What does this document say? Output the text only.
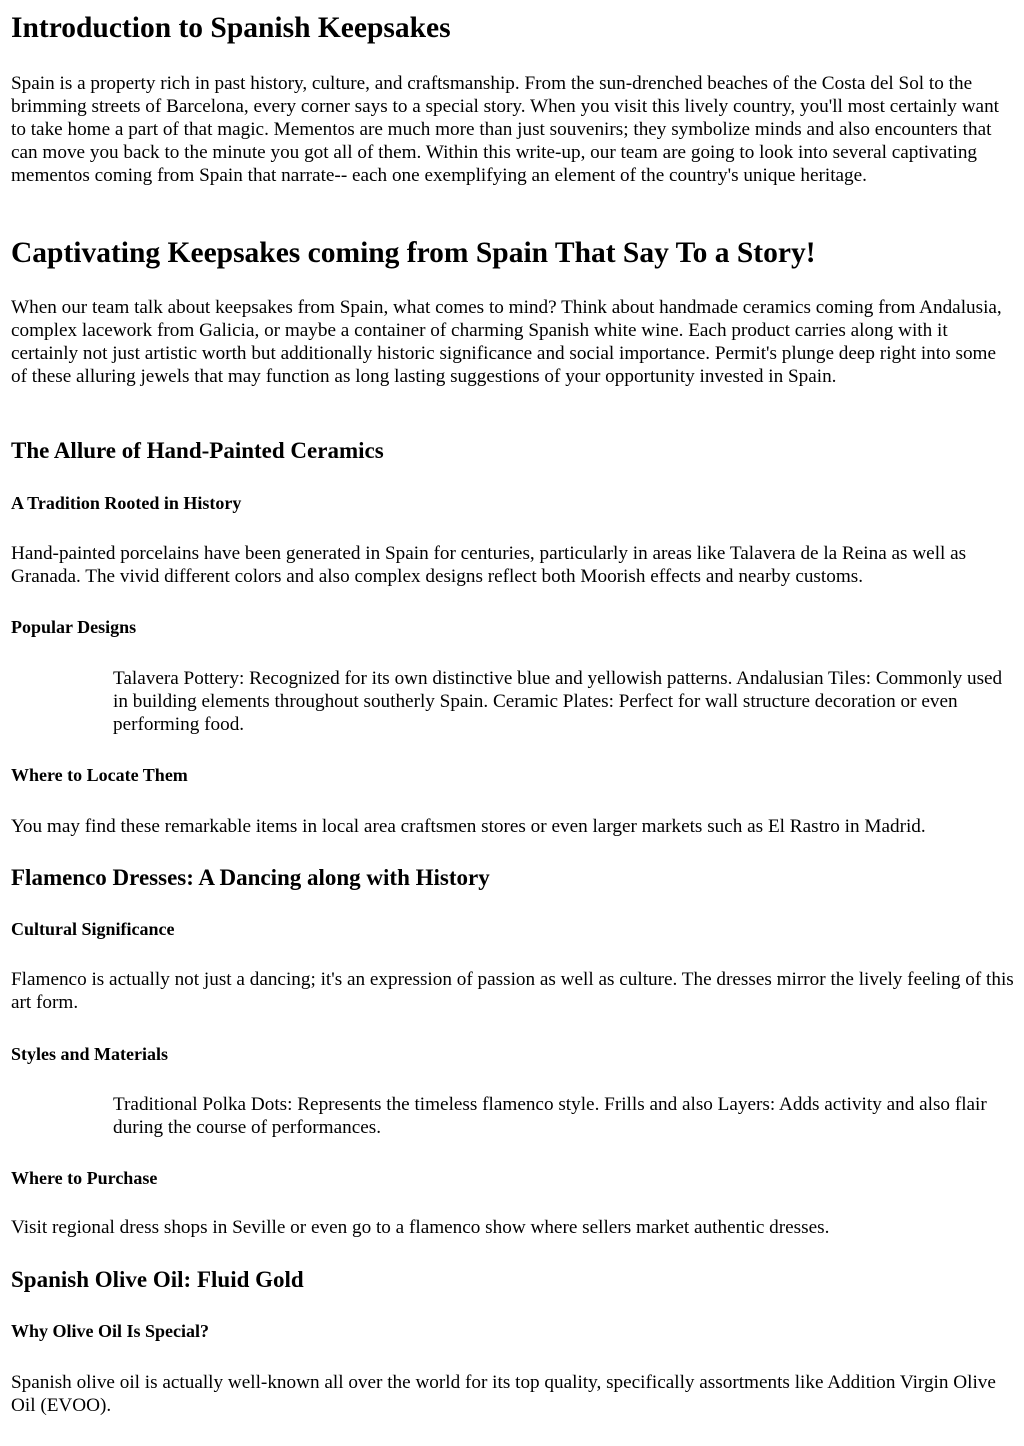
Introduction to Spanish Keepsakes

Spain is a property rich in past history, culture, and craftsmanship. From the sun-drenched beaches of the Costa del Sol to the brimming streets of Barcelona, every corner says to a special story. When you visit this lively country, you'll most certainly want to take home a part of that magic. Mementos are much more than just souvenirs; they symbolize minds and also encounters that can move you back to the minute you got all of them. Within this write-up, our team are going to look into several captivating mementos coming from Spain that narrate-- each one exemplifying an element of the country's unique heritage.

Captivating Keepsakes coming from Spain That Say To a Story!

When our team talk about keepsakes from Spain, what comes to mind? Think about handmade ceramics coming from Andalusia, complex lacework from Galicia, or maybe a container of charming Spanish white wine. Each product carries along with it certainly not just artistic worth but additionally historic significance and social importance. Permit's plunge deep right into some of these alluring jewels that may function as long lasting suggestions of your opportunity invested in Spain.

The Allure of Hand-Painted Ceramics
A Tradition Rooted in History

Hand-painted porcelains have been generated in Spain for centuries, particularly in areas like Talavera de la Reina as well as Granada. The vivid different colors and also complex designs reflect both Moorish effects and nearby customs.

Popular Designs
Talavera Pottery: Recognized for its own distinctive blue and yellowish patterns. Andalusian Tiles: Commonly used in building elements throughout southerly Spain. Ceramic Plates: Perfect for wall structure decoration or even performing food.
Where to Locate Them

You may find these remarkable items in local area craftsmen stores or even larger markets such as El Rastro in Madrid.

Flamenco Dresses: A Dancing along with History
Cultural Significance

Flamenco is actually not just a dancing; it's an expression of passion as well as culture. The dresses mirror the lively feeling of this art form.

Styles and Materials
Traditional Polka Dots: Represents the timeless flamenco style. Frills and also Layers: Adds activity and also flair during the course of performances.
Where to Purchase

Visit regional dress shops in Seville or even go to a flamenco show where sellers market authentic dresses.

Spanish Olive Oil: Fluid Gold
Why Olive Oil Is Special?

Spanish olive oil is actually well-known all over the world for its top quality, specifically assortments like Addition Virgin Olive Oil (EVOO).
